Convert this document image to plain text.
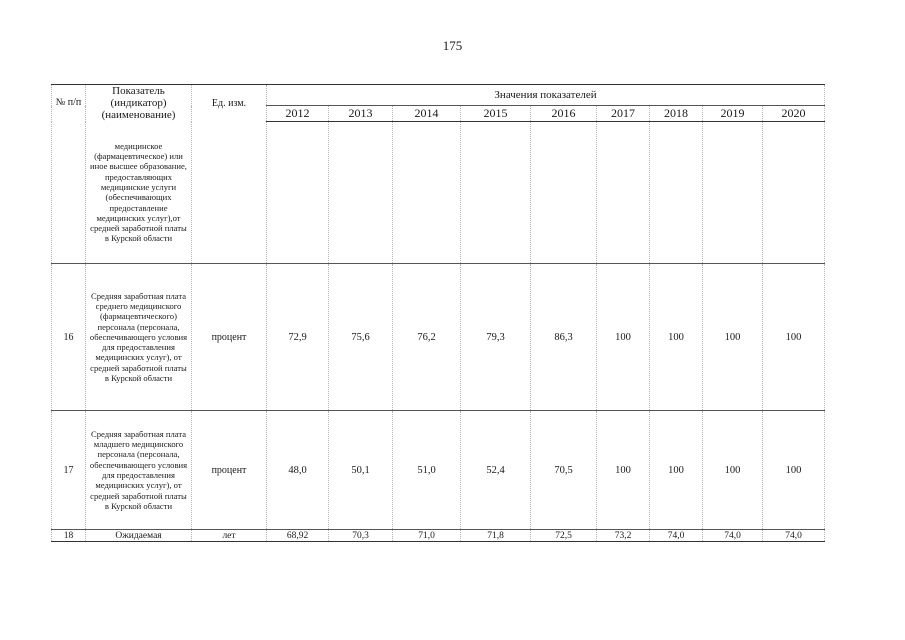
175
№ п/п	Показатель (индикатор) (наименование)	Ед. изм.	Значения показателей								
			2012	2013	2014	2015	2016	2017	2018	2019	2020
	медицинское (фармацевтическое) или иное высшее образование, предоставляющих медицинские услуги (обеспечивающих предоставление медицинских услуг),от средней заработной платы в Курской области										
16	Средняя заработная плата среднего медицинского (фармацевтического) персонала (персонала, обеспечивающего условия для предоставления медицинских услуг), от средней заработной платы в Курской области	процент	72,9	75,6	76,2	79,3	86,3	100	100	100	100
17	Средняя заработная плата младшего медицинского персонала (персонала, обеспечивающего условия для предоставления медицинских услуг), от средней заработной платы в Курской области	процент	48,0	50,1	51,0	52,4	70,5	100	100	100	100
18	Ожидаемая	лет	68,92	70,3	71,0	71,8	72,5	73,2	74,0	74,0	74,0
